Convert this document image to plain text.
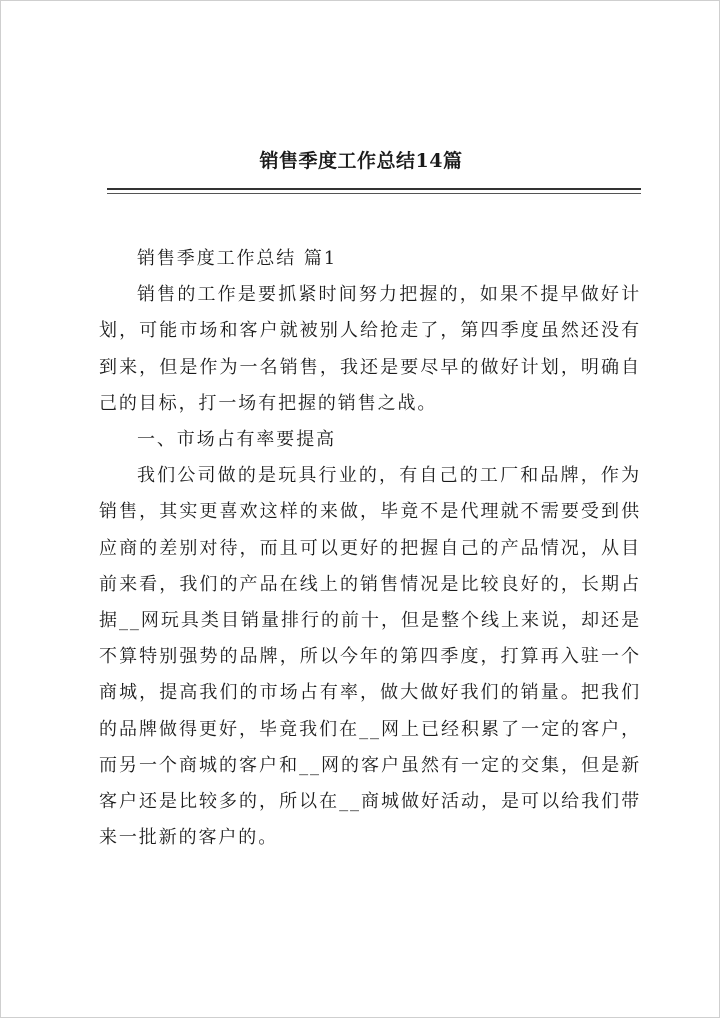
销售季度工作总结14篇

销售季度工作总结 篇1

销售的工作是要抓紧时间努力把握的，如果不提早做好计划，可能市场和客户就被别人给抢走了，第四季度虽然还没有到来，但是作为一名销售，我还是要尽早的做好计划，明确自己的目标，打一场有把握的销售之战。

一、市场占有率要提高

我们公司做的是玩具行业的，有自己的工厂和品牌，作为销售，其实更喜欢这样的来做，毕竟不是代理就不需要受到供应商的差别对待，而且可以更好的把握自己的产品情况，从目前来看，我们的产品在线上的销售情况是比较良好的，长期占据__网玩具类目销量排行的前十，但是整个线上来说，却还是不算特别强势的品牌，所以今年的第四季度，打算再入驻一个商城，提高我们的市场占有率，做大做好我们的销量。把我们的品牌做得更好，毕竟我们在__网上已经积累了一定的客户，而另一个商城的客户和__网的客户虽然有一定的交集，但是新客户还是比较多的，所以在__商城做好活动，是可以给我们带来一批新的客户的。
